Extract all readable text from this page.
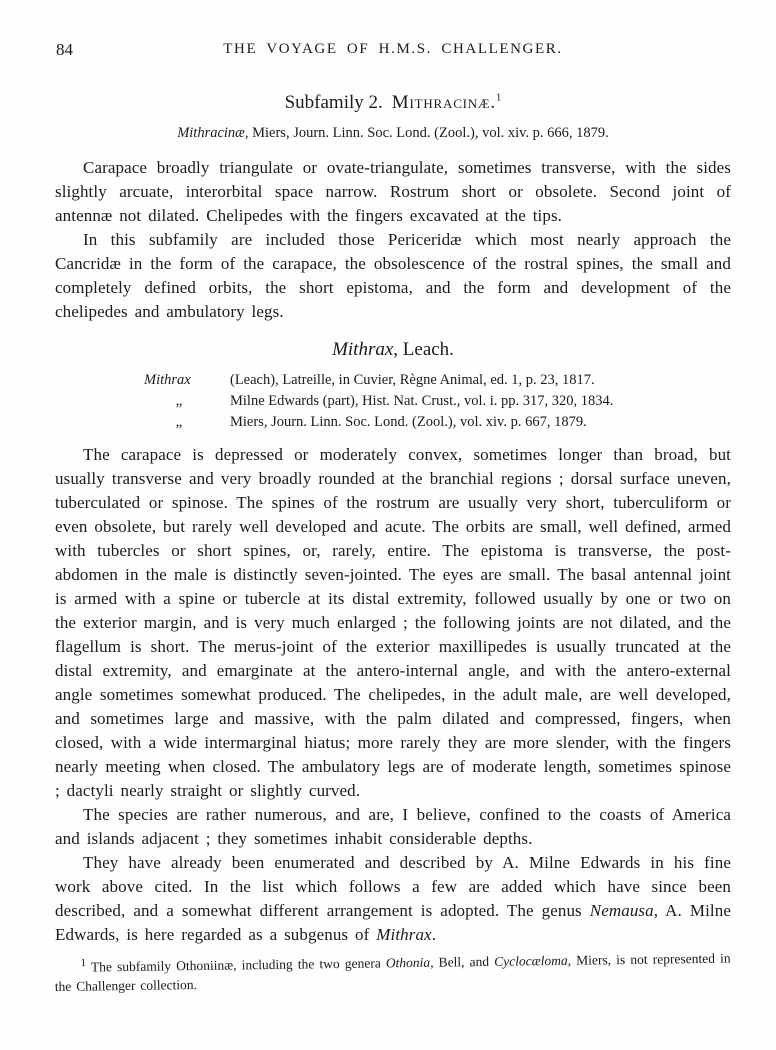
84	THE VOYAGE OF H.M.S. CHALLENGER.
Subfamily 2. Mithracinæ.$^1$
Mithracinæ, Miers, Journ. Linn. Soc. Lond. (Zool.), vol. xiv. p. 666, 1879.

Carapace broadly triangulate or ovate-triangulate, sometimes transverse, with the sides slightly arcuate, interorbital space narrow. Rostrum short or obsolete. Second joint of antennæ not dilated. Chelipedes with the fingers excavated at the tips.

In this subfamily are included those Periceridæ which most nearly approach the Cancridæ in the form of the carapace, the obsolescence of the rostral spines, the small and completely defined orbits, the short epistoma, and the form and development of the chelipedes and ambulatory legs.

Mithrax, Leach.
Mithrax	(Leach), Latreille, in Cuvier, Règne Animal, ed. 1, p. 23, 1817.
„	Milne Edwards (part), Hist. Nat. Crust., vol. i. pp. 317, 320, 1834.
„	Miers, Journ. Linn. Soc. Lond. (Zool.), vol. xiv. p. 667, 1879.

The carapace is depressed or moderately convex, sometimes longer than broad, but usually transverse and very broadly rounded at the branchial regions ; dorsal surface uneven, tuberculated or spinose. The spines of the rostrum are usually very short, tuberculiform or even obsolete, but rarely well developed and acute. The orbits are small, well defined, armed with tubercles or short spines, or, rarely, entire. The epistoma is transverse, the post-abdomen in the male is distinctly seven-jointed. The eyes are small. The basal antennal joint is armed with a spine or tubercle at its distal extremity, followed usually by one or two on the exterior margin, and is very much enlarged ; the following joints are not dilated, and the flagellum is short. The merus-joint of the exterior maxillipedes is usually truncated at the distal extremity, and emarginate at the antero-internal angle, and with the antero-external angle sometimes somewhat produced. The chelipedes, in the adult male, are well developed, and sometimes large and massive, with the palm dilated and compressed, fingers, when closed, with a wide intermarginal hiatus; more rarely they are more slender, with the fingers nearly meeting when closed. The ambulatory legs are of moderate length, sometimes spinose ; dactyli nearly straight or slightly curved.

The species are rather numerous, and are, I believe, confined to the coasts of America and islands adjacent ; they sometimes inhabit considerable depths.

They have already been enumerated and described by A. Milne Edwards in his fine work above cited. In the list which follows a few are added which have since been described, and a somewhat different arrangement is adopted. The genus Nemausa, A. Milne Edwards, is here regarded as a subgenus of Mithrax.

$^1$ The subfamily Othoniinæ, including the two genera Othonia, Bell, and Cyclocæloma, Miers, is not represented in the Challenger collection.
